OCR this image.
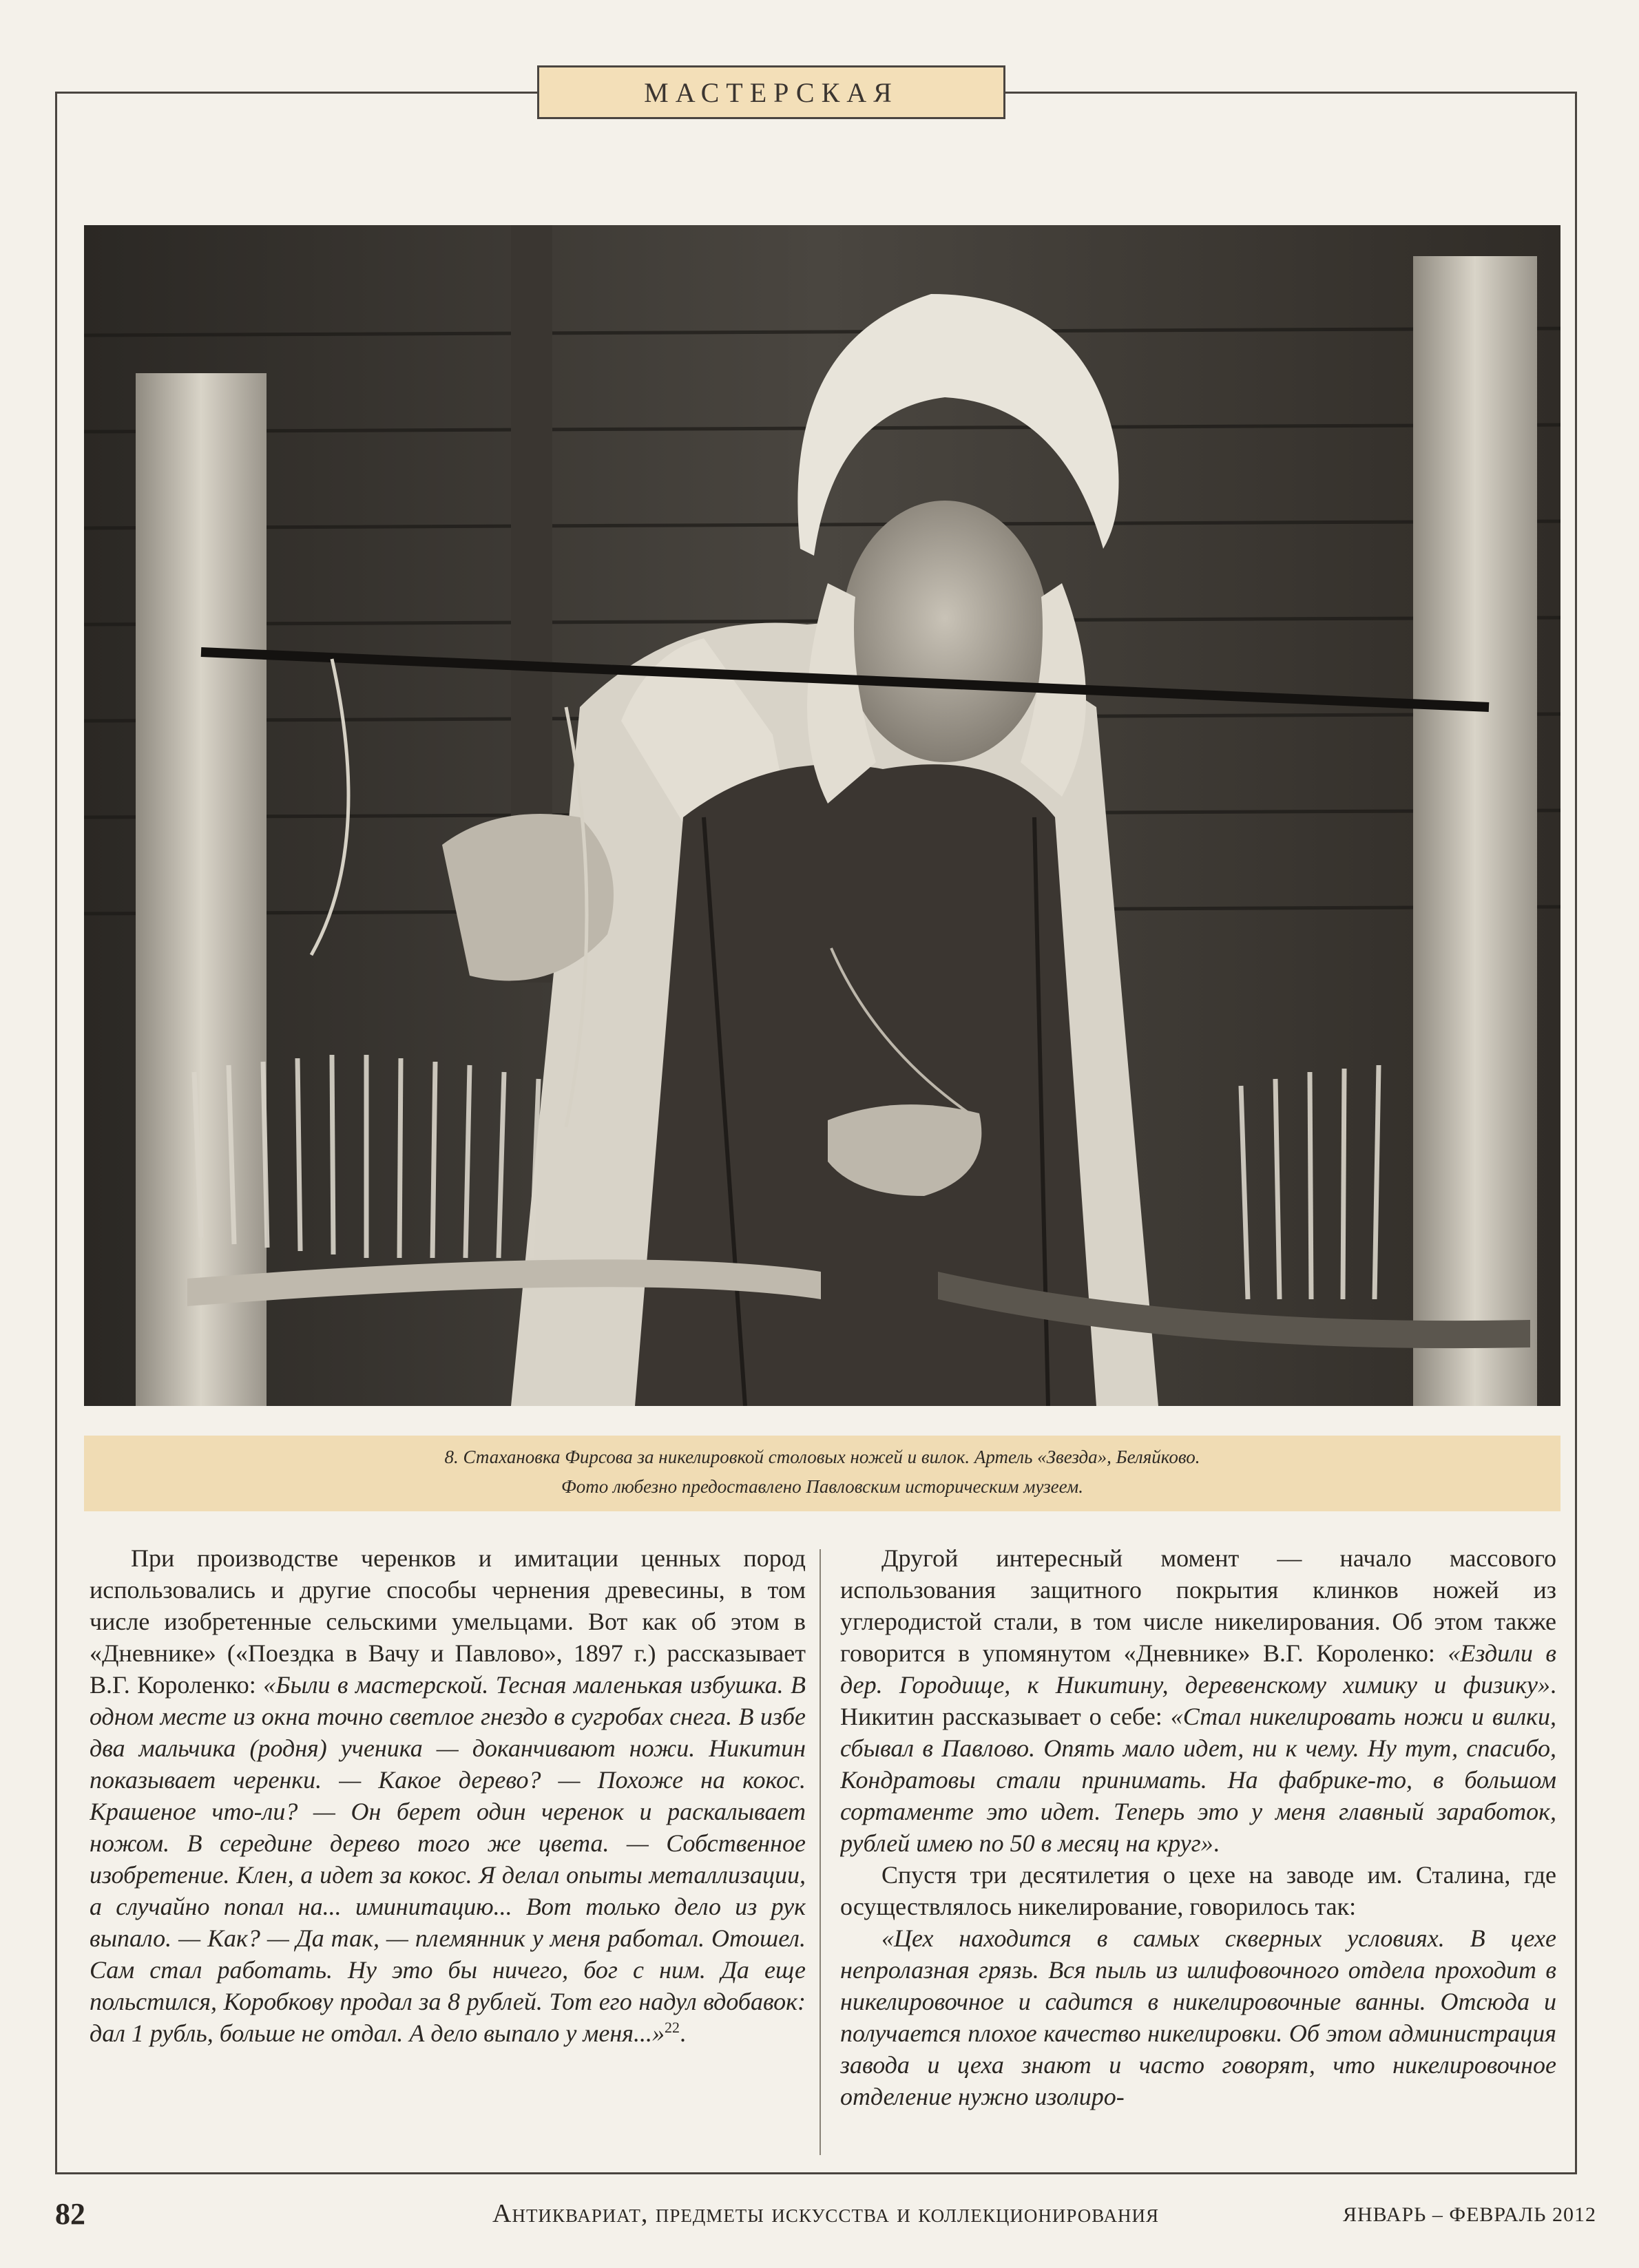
МАСТЕРСКАЯ
8. Стахановка Фирсова за никелировкой столовых ножей и вилок. Артель «Звезда», Беляйково.
Фото любезно предоставлено Павловским историческим музеем.

При производстве черенков и имитации ценных пород использовались и другие способы чернения древесины, в том числе изобретенные сельскими умельцами. Вот как об этом в «Дневнике» («Поездка в Вачу и Павлово», 1897 г.) рассказывает В.Г. Короленко: «Были в мастерской. Тесная маленькая избушка. В одном месте из окна точно светлое гнездо в сугробах снега. В избе два мальчика (родня) ученика — доканчивают ножи. Никитин показывает черенки. — Какое дерево? — Похоже на кокос. Крашеное что-ли? — Он берет один черенок и раскалывает ножом. В середине дерево того же цвета. — Собственное изобретение. Клен, а идет за кокос. Я делал опыты металлизации, а случайно попал на... иминитацию... Вот только дело из рук выпало. — Как? — Да так, — племянник у меня работал. Отошел. Сам стал работать. Ну это бы ничего, бог с ним. Да еще польстился, Коробкову продал за 8 рублей. Тот его надул вдобавок: дал 1 рубль, больше не отдал. А дело выпало у меня...»$^{22}$.

Другой интересный момент — начало массового использования защитного покрытия клинков ножей из углеродистой стали, в том числе никелирования. Об этом также говорится в упомянутом «Дневнике» В.Г. Короленко: «Ездили в дер. Городище, к Никитину, деревенскому химику и физику». Никитин рассказывает о себе: «Стал никелировать ножи и вилки, сбывал в Павлово. Опять мало идет, ни к чему. Ну тут, спасибо, Кондратовы стали принимать. На фабрике-то, в большом сортаменте это идет. Теперь это у меня главный заработок, рублей имею по 50 в месяц на круг».

Спустя три десятилетия о цехе на заводе им. Сталина, где осуществлялось никелирование, говорилось так:

«Цех находится в самых скверных условиях. В цехе непролазная грязь. Вся пыль из шлифовочного отдела проходит в никелировочное и садится в никелировочные ванны. Отсюда и получается плохое качество никелировки. Об этом администрация завода и цеха знают и часто говорят, что никелировочное отделение нужно изолиро-

82	Антиквариат, предметы искусства и коллекционирования	ЯНВАРЬ – ФЕВРАЛЬ 2012
